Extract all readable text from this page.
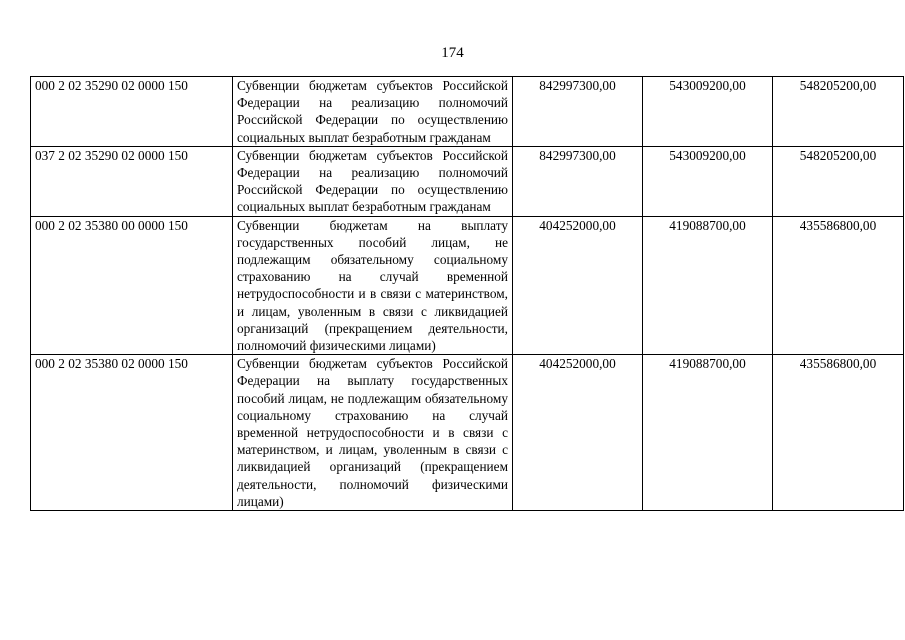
174
000 2 02 35290 02 0000 150	Субвенции бюджетам субъектов Российской Федерации на реализацию полномочий Российской Федерации по осуществлению социальных выплат безработным гражданам	842997300,00	543009200,00	548205200,00
037 2 02 35290 02 0000 150	Субвенции бюджетам субъектов Российской Федерации на реализацию полномочий Российской Федерации по осуществлению социальных выплат безработным гражданам	842997300,00	543009200,00	548205200,00
000 2 02 35380 00 0000 150	Субвенции бюджетам на выплату государственных пособий лицам, не подлежащим обязательному социальному страхованию на случай временной нетрудоспособности и в связи с материнством, и лицам, уволенным в связи с ликвидацией организаций (прекращением деятельности, полномочий физическими лицами)	404252000,00	419088700,00	435586800,00
000 2 02 35380 02 0000 150	Субвенции бюджетам субъектов Российской Федерации на выплату государственных пособий лицам, не подлежащим обязательному социальному страхованию на случай временной нетрудоспособности и в связи с материнством, и лицам, уволенным в связи с ликвидацией организаций (прекращением деятельности, полномочий физическими лицами)	404252000,00	419088700,00	435586800,00
